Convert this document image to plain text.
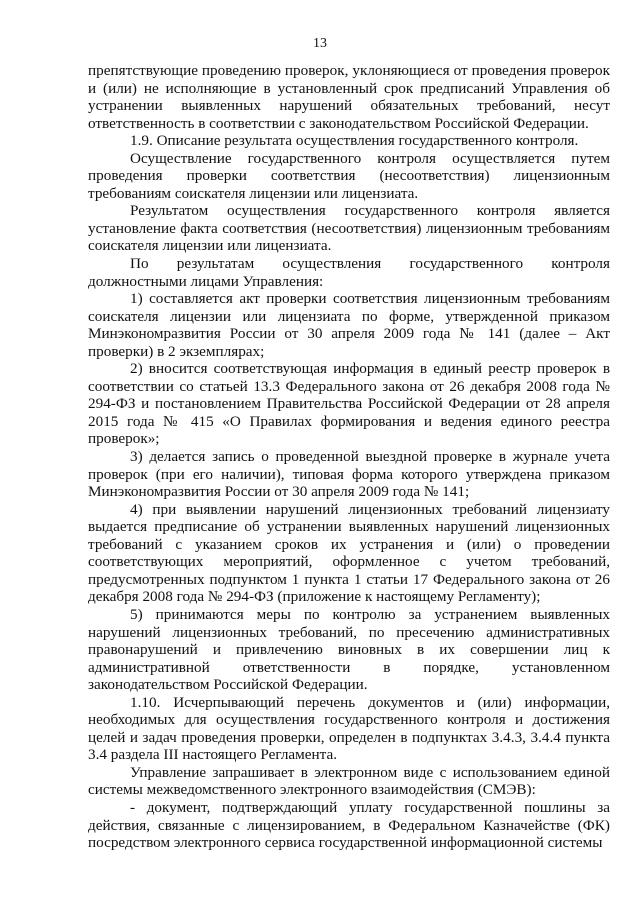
13

препятствующие проведению проверок, уклоняющиеся от проведения проверок и (или) не исполняющие в установленный срок предписаний Управления об устранении выявленных нарушений обязательных требований, несут ответственность в соответствии с законодательством Российской Федерации.

1.9. Описание результата осуществления государственного контроля.

Осуществление государственного контроля осуществляется путем проведения проверки соответствия (несоответствия) лицензионным требованиям соискателя лицензии или лицензиата.

Результатом осуществления государственного контроля является установление факта соответствия (несоответствия) лицензионным требованиям соискателя лицензии или лицензиата.

По результатам осуществления государственного контроля должностными лицами Управления:

1) составляется акт проверки соответствия лицензионным требованиям соискателя лицензии или лицензиата по форме, утвержденной приказом Минэкономразвития России от 30 апреля 2009 года № 141 (далее – Акт проверки) в 2 экземплярах;

2) вносится соответствующая информация в единый реестр проверок в соответствии со статьей 13.3 Федерального закона от 26 декабря 2008 года № 294-ФЗ и постановлением Правительства Российской Федерации от 28 апреля 2015 года № 415 «О Правилах формирования и ведения единого реестра проверок»;

3) делается запись о проведенной выездной проверке в журнале учета проверок (при его наличии), типовая форма которого утверждена приказом Минэкономразвития России от 30 апреля 2009 года № 141;

4) при выявлении нарушений лицензионных требований лицензиату выдается предписание об устранении выявленных нарушений лицензионных требований с указанием сроков их устранения и (или) о проведении соответствующих мероприятий, оформленное с учетом требований, предусмотренных подпунктом 1 пункта 1 статьи 17 Федерального закона от 26 декабря 2008 года № 294-ФЗ (приложение к настоящему Регламенту);

5) принимаются меры по контролю за устранением выявленных нарушений лицензионных требований, по пресечению административных правонарушений и привлечению виновных в их совершении лиц к административной ответственности в порядке, установленном законодательством Российской Федерации.

1.10. Исчерпывающий перечень документов и (или) информации, необходимых для осуществления государственного контроля и достижения целей и задач проведения проверки, определен в подпунктах 3.4.3, 3.4.4 пункта 3.4 раздела III настоящего Регламента.

Управление запрашивает в электронном виде с использованием единой системы межведомственного электронного взаимодействия (СМЭВ):

- документ, подтверждающий уплату государственной пошлины за действия, связанные с лицензированием, в Федеральном Казначействе (ФК) посредством электронного сервиса государственной информационной системы
